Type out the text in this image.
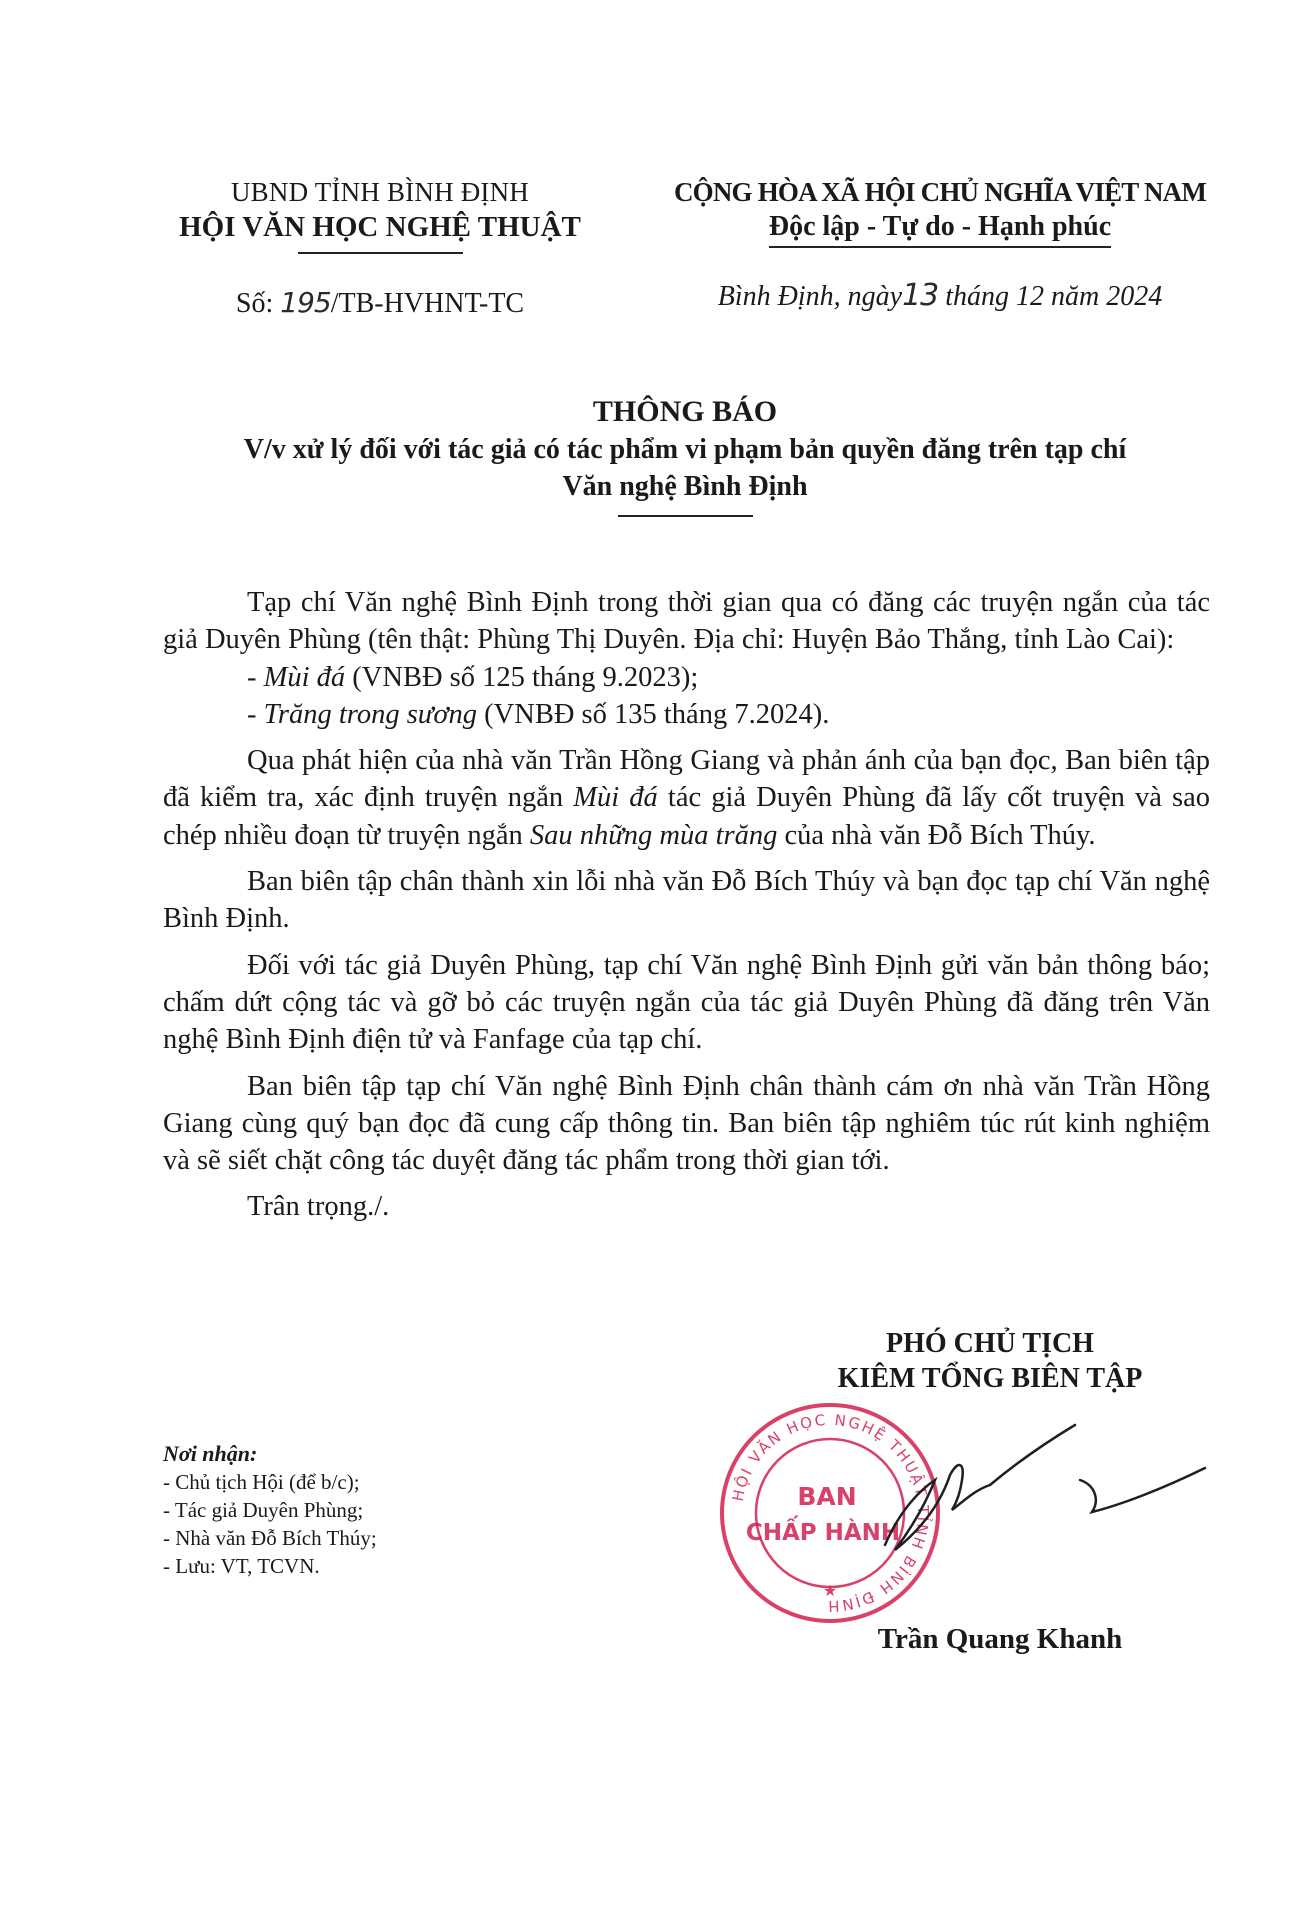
UBND TỈNH BÌNH ĐỊNH
HỘI VĂN HỌC NGHỆ THUẬT
Số: 195/TB-HVHNT-TC
CỘNG HÒA XÃ HỘI CHỦ NGHĨA VIỆT NAM
Độc lập - Tự do - Hạnh phúc
Bình Định, ngày13 tháng 12 năm 2024
THÔNG BÁO
V/v xử lý đối với tác giả có tác phẩm vi phạm bản quyền đăng trên tạp chí
Văn nghệ Bình Định

Tạp chí Văn nghệ Bình Định trong thời gian qua có đăng các truyện ngắn của tác giả Duyên Phùng (tên thật: Phùng Thị Duyên. Địa chỉ: Huyện Bảo Thắng, tỉnh Lào Cai):

- Mùi đá (VNBĐ số 125 tháng 9.2023);

- Trăng trong sương (VNBĐ số 135 tháng 7.2024).

Qua phát hiện của nhà văn Trần Hồng Giang và phản ánh của bạn đọc, Ban biên tập đã kiểm tra, xác định truyện ngắn Mùi đá tác giả Duyên Phùng đã lấy cốt truyện và sao chép nhiều đoạn từ truyện ngắn Sau những mùa trăng của nhà văn Đỗ Bích Thúy.

Ban biên tập chân thành xin lỗi nhà văn Đỗ Bích Thúy và bạn đọc tạp chí Văn nghệ Bình Định.

Đối với tác giả Duyên Phùng, tạp chí Văn nghệ Bình Định gửi văn bản thông báo; chấm dứt cộng tác và gỡ bỏ các truyện ngắn của tác giả Duyên Phùng đã đăng trên Văn nghệ Bình Định điện tử và Fanfage của tạp chí.

Ban biên tập tạp chí Văn nghệ Bình Định chân thành cám ơn nhà văn Trần Hồng Giang cùng quý bạn đọc đã cung cấp thông tin. Ban biên tập nghiêm túc rút kinh nghiệm và sẽ siết chặt công tác duyệt đăng tác phẩm trong thời gian tới.

Trân trọng./.

PHÓ CHỦ TỊCH
KIÊM TỔNG BIÊN TẬP
HỘI VĂN HỌC NGHỆ THUẬT TỈNH BÌNH ĐỊNH
★
BAN
CHẤP HÀNH
Trần Quang Khanh
Nơi nhận:
- Chủ tịch Hội (để b/c);
- Tác giả Duyên Phùng;
- Nhà văn Đỗ Bích Thúy;
- Lưu: VT, TCVN.
